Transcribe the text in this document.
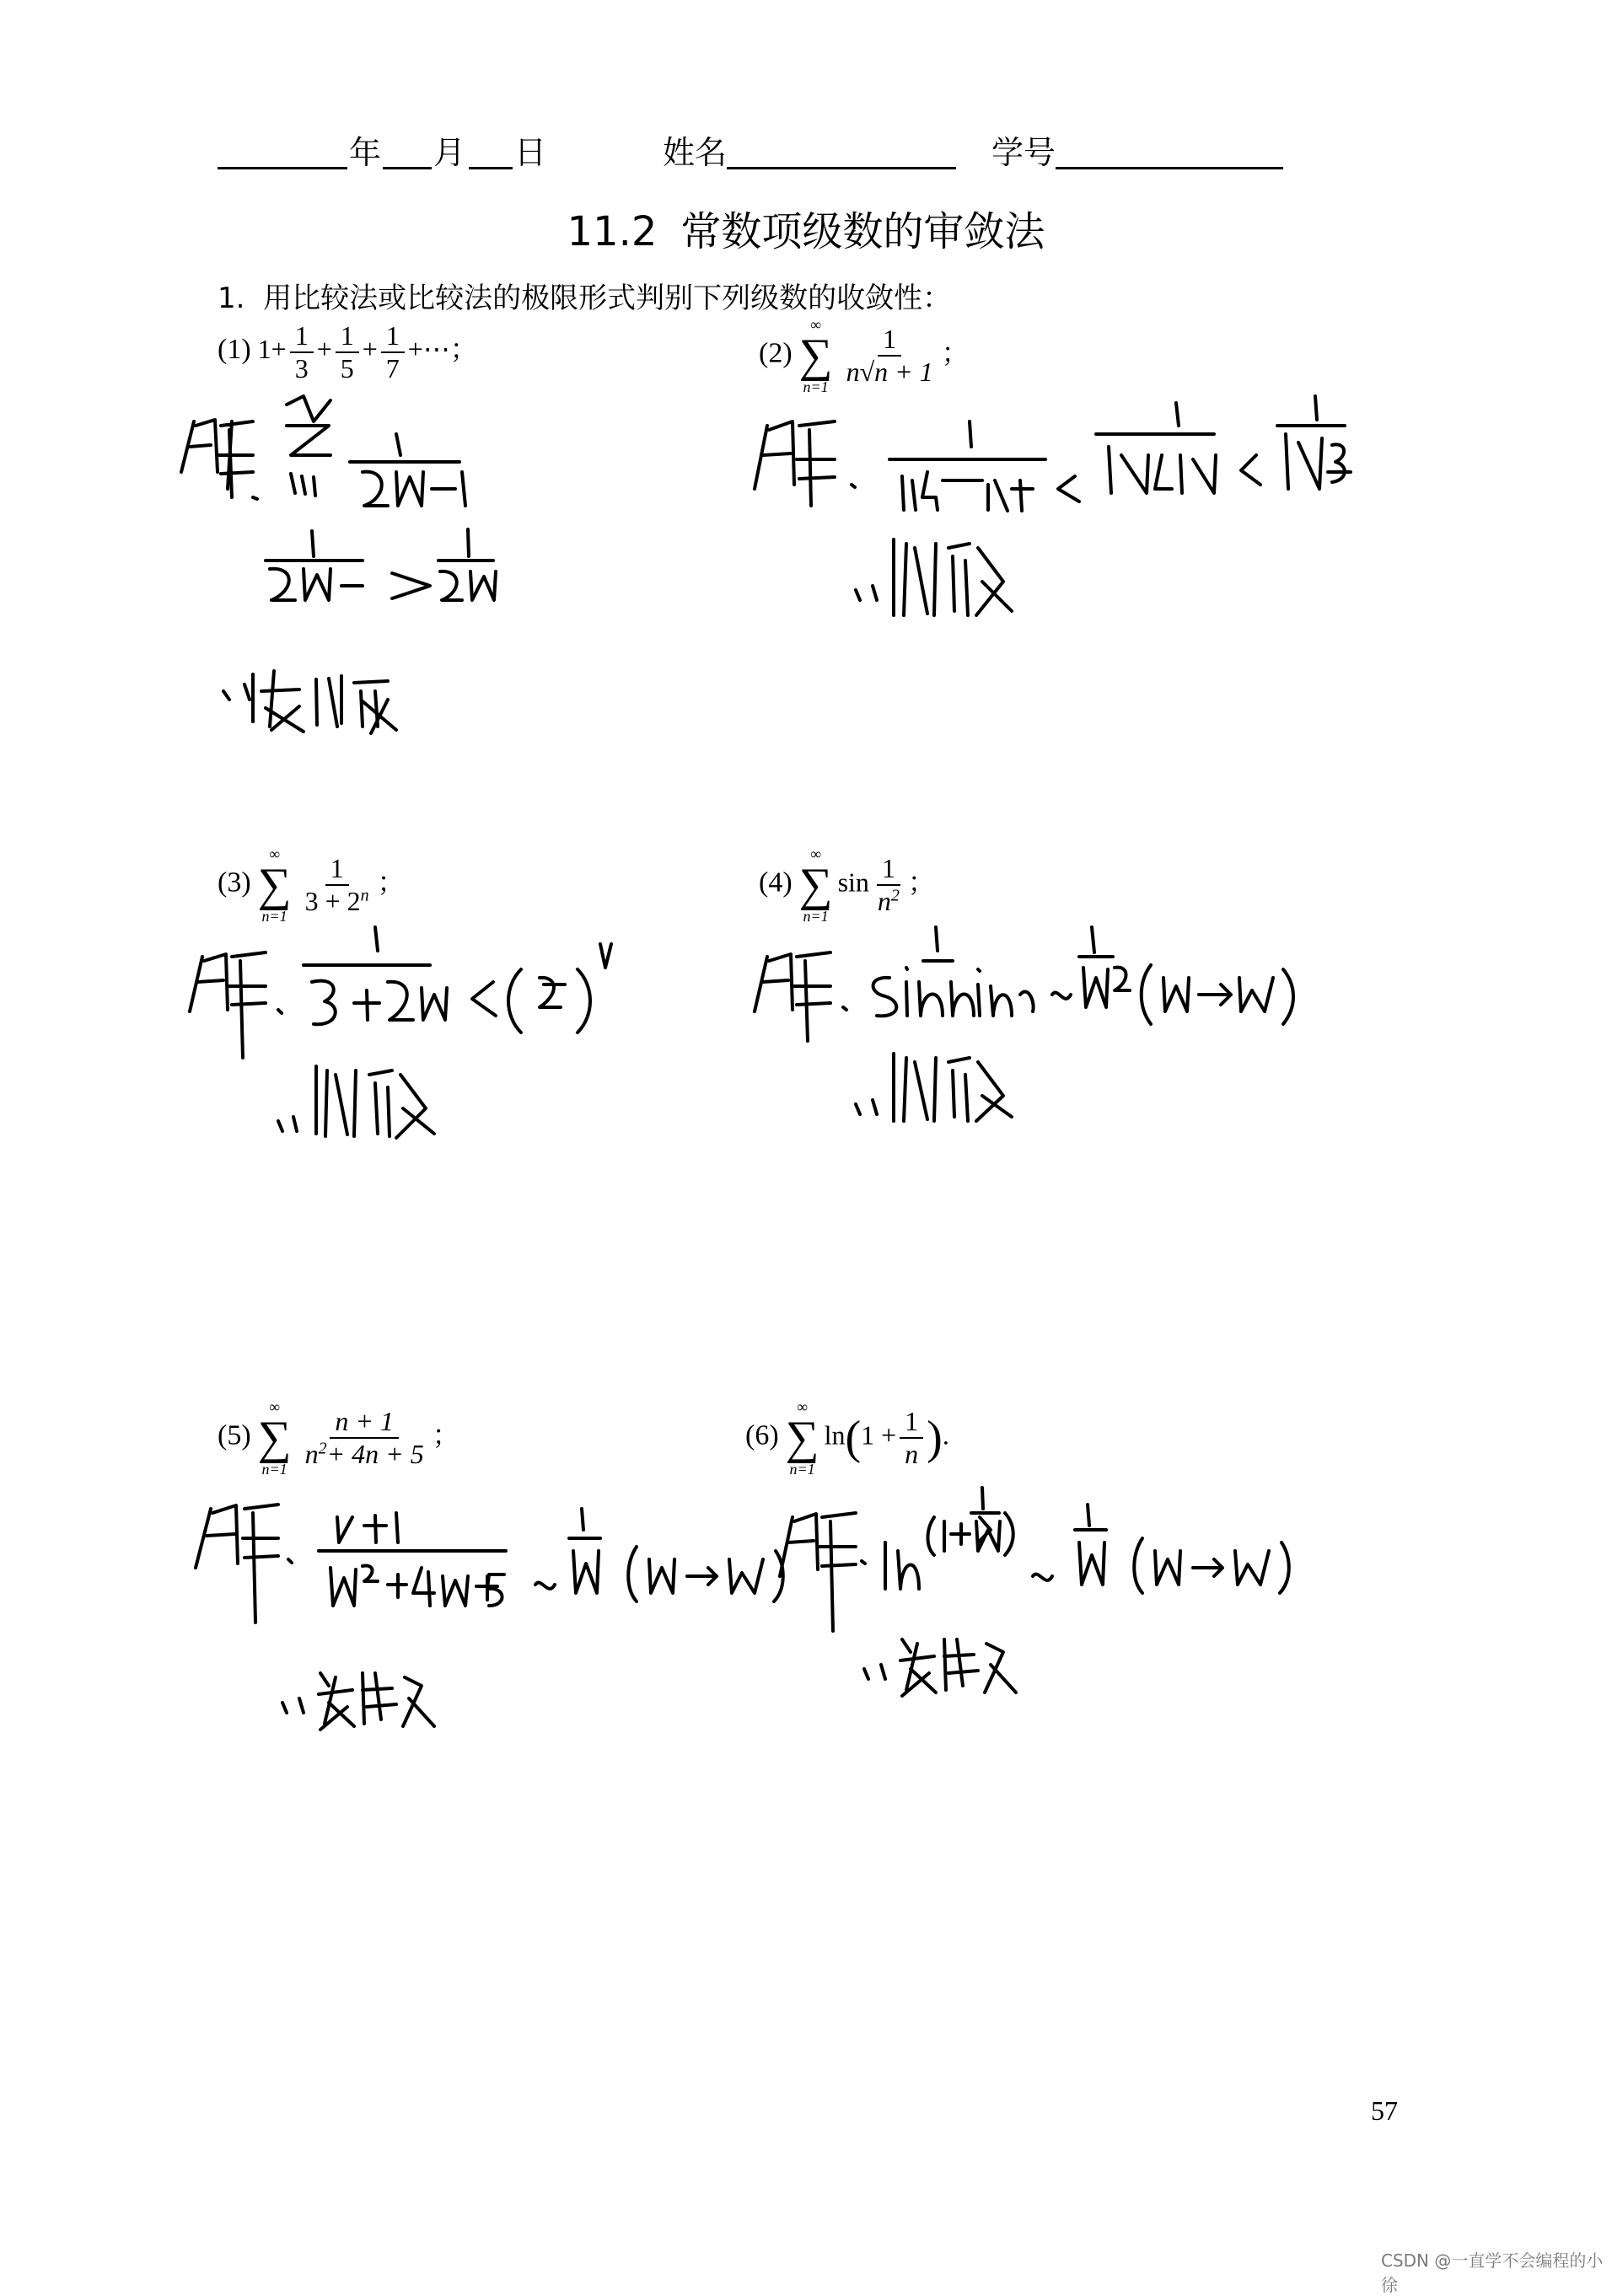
年 月 日	姓名	学号
11.2 常数项级数的审敛法
1. 用比较法或比较法的极限形式判别下列级数的收敛性：
(1) $1+ \frac{1}{3} + \frac{1}{5} + \frac{1}{7}$ +⋯；	(2)
∞
∑
$n=1 \frac{1}{n√n + 1}$ ；
(3)
∞
∑
$n=1 \frac{1}{3 + 2^n}$ ；	(4)
∞
∑
n=1
$\sin \frac{1}{n^2}$ ；
(5)
∞
∑
$n=1 \frac{n + 1}{n^2+ 4n + 5}$ ；	(6)
∞
∑
n=1
$\ln(1 + \frac{1}{n}$ ).
57
CSDN @一直学不会编程的小徐
